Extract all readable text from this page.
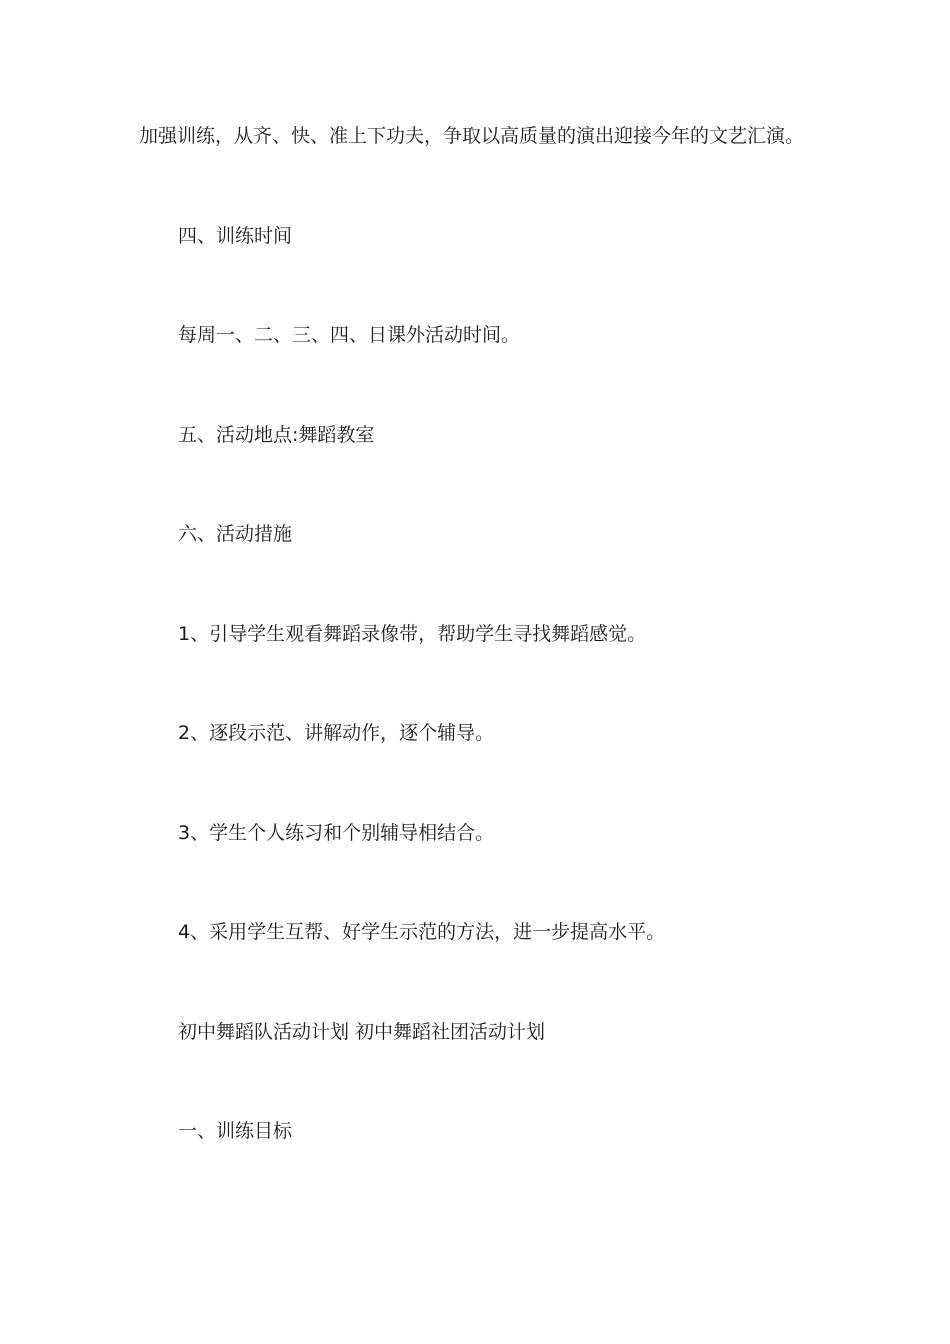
加强训练，从齐、快、准上下功夫，争取以高质量的演出迎接今年的文艺汇演。
四、训练时间
每周一、二、三、四、日课外活动时间。
五、活动地点:舞蹈教室
六、活动措施
1、引导学生观看舞蹈录像带，帮助学生寻找舞蹈感觉。
2、逐段示范、讲解动作，逐个辅导。
3、学生个人练习和个别辅导相结合。
4、采用学生互帮、好学生示范的方法，进一步提高水平。
初中舞蹈队活动计划 初中舞蹈社团活动计划
一、训练目标
